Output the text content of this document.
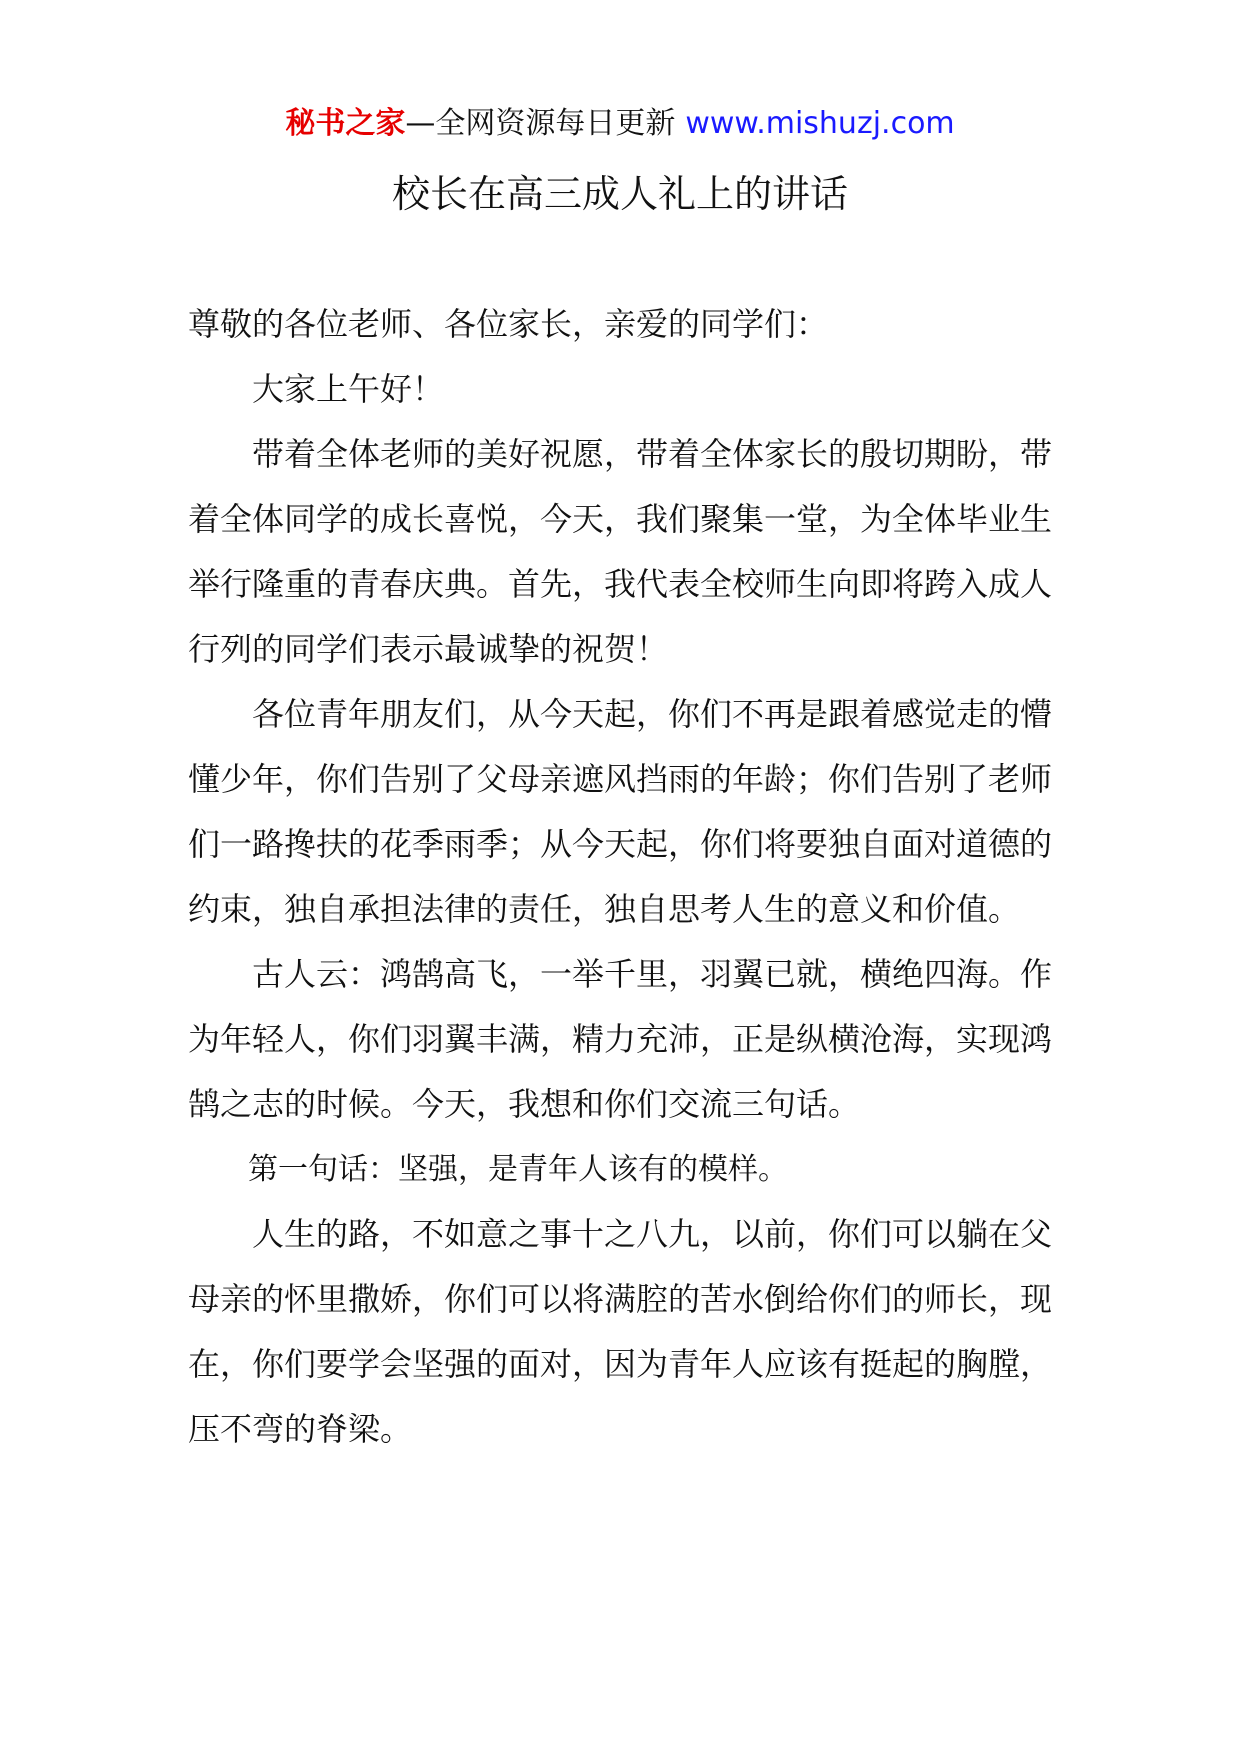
秘书之家—全网资源每日更新 www.mishuzj.com
校长在高三成人礼上的讲话

尊敬的各位老师、各位家长，亲爱的同学们：

大家上午好！

带着全体老师的美好祝愿，带着全体家长的殷切期盼，带着全体同学的成长喜悦，今天，我们聚集一堂，为全体毕业生举行隆重的青春庆典。首先，我代表全校师生向即将跨入成人行列的同学们表示最诚挚的祝贺！

各位青年朋友们，从今天起，你们不再是跟着感觉走的懵懂少年，你们告别了父母亲遮风挡雨的年龄；你们告别了老师们一路搀扶的花季雨季；从今天起，你们将要独自面对道德的约束，独自承担法律的责任，独自思考人生的意义和价值。

古人云：鸿鹄高飞，一举千里，羽翼已就，横绝四海。作为年轻人，你们羽翼丰满，精力充沛，正是纵横沧海，实现鸿鹄之志的时候。今天，我想和你们交流三句话。

第一句话：坚强，是青年人该有的模样。

人生的路，不如意之事十之八九，以前，你们可以躺在父母亲的怀里撒娇，你们可以将满腔的苦水倒给你们的师长，现在，你们要学会坚强的面对，因为青年人应该有挺起的胸膛，压不弯的脊梁。
